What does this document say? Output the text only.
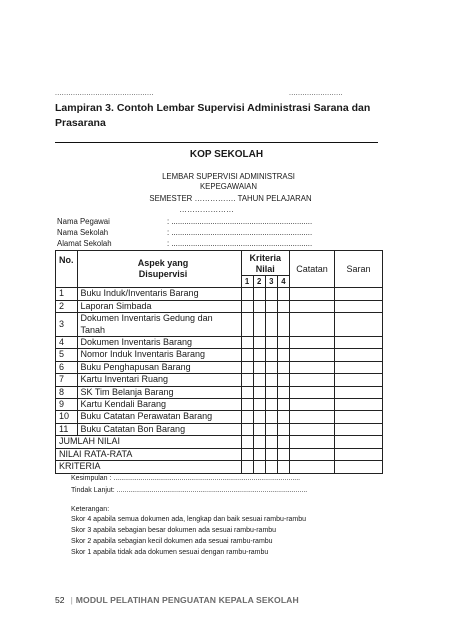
............................................	........................
Lampiran 3. Contoh Lembar Supervisi Administrasi Sarana dan Prasarana
KOP SEKOLAH
LEMBAR SUPERVISI ADMINISTRASI
KEPEGAWAIAN
SEMESTER ……………. TAHUN PELAJARAN
…………………
Nama Pegawai	: .................................................................
Nama Sekolah	: .................................................................
Alamat Sekolah	: .................................................................
No.	Aspek yang Disupervisi	Kriteria Nilai				Catatan	Saran
		1	2	3	4		
1	Buku Induk/Inventaris Barang						
2	Laporan Simbada						
3	Dokumen Inventaris Gedung dan Tanah						
4	Dokumen Inventaris Barang						
5	Nomor Induk Inventaris Barang						
6	Buku Penghapusan Barang						
7	Kartu Inventari Ruang						
8	SK Tim Belanja Barang						
9	Kartu Kendali Barang						
10	Buku Catatan Perawatan Barang						
11	Buku Catatan Bon Barang						
JUMLAH NILAI							
NILAI RATA-RATA							
KRITERIA							
Kesimpulan : ................................................................................................
Tindak Lanjut: ..................................................................................................
Keterangan:
Skor 4 apabila semua dokumen ada, lengkap dan baik sesuai rambu-rambu
Skor 3 apabila sebagian besar dokumen ada sesuai rambu-rambu
Skor 2 apabila sebagian kecil dokumen ada sesuai rambu-rambu
Skor 1 apabila tidak ada dokumen sesuai dengan rambu-rambu
52 | MODUL PELATIHAN PENGUATAN KEPALA SEKOLAH
